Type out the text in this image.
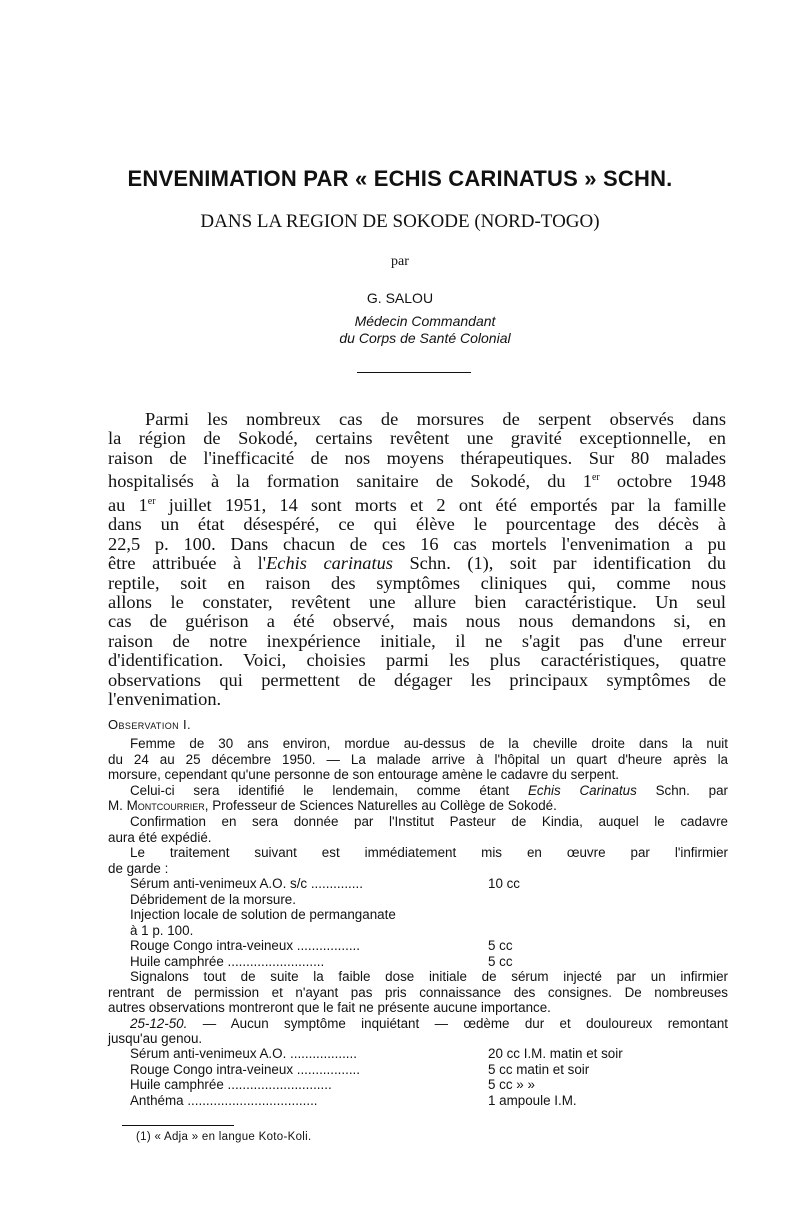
ENVENIMATION PAR « ECHIS CARINATUS » SCHN.
DANS LA REGION DE SOKODE (NORD-TOGO)
par
G. SALOU
Médecin Commandant
du Corps de Santé Colonial
Parmi les nombreux cas de morsures de serpent observés dans
la région de Sokodé, certains revêtent une gravité exceptionnelle, en
raison de l'inefficacité de nos moyens thérapeutiques. Sur 80 malades
hospitalisés à la formation sanitaire de Sokodé, du 1er octobre 1948
au 1er juillet 1951, 14 sont morts et 2 ont été emportés par la famille
dans un état désespéré, ce qui élève le pourcentage des décès à
22,5 p. 100. Dans chacun de ces 16 cas mortels l'envenimation a pu
être attribuée à l'Echis carinatus Schn. (1), soit par identification du
reptile, soit en raison des symptômes cliniques qui, comme nous
allons le constater, revêtent une allure bien caractéristique. Un seul
cas de guérison a été observé, mais nous nous demandons si, en
raison de notre inexpérience initiale, il ne s'agit pas d'une erreur
d'identification. Voici, choisies parmi les plus caractéristiques, quatre
observations qui permettent de dégager les principaux symptômes de
l'envenimation.
Observation I.
Femme de 30 ans environ, mordue au-dessus de la cheville droite dans la nuit
du 24 au 25 décembre 1950. — La malade arrive à l'hôpital un quart d'heure après la
morsure, cependant qu'une personne de son entourage amène le cadavre du serpent.
Celui-ci sera identifié le lendemain, comme étant Echis Carinatus Schn. par
M. Montcourrier, Professeur de Sciences Naturelles au Collège de Sokodé.
Confirmation en sera donnée par l'Institut Pasteur de Kindia, auquel le cadavre
aura été expédié.
Le traitement suivant est immédiatement mis en œuvre par l'infirmier
de garde :
Sérum anti-venimeux A.O. s/c ..............	10 cc
Débridement de la morsure.
Injection locale de solution de permanganate
à 1 p. 100.
Rouge Congo intra-veineux .................	5 cc
Huile camphrée ..........................	5 cc
Signalons tout de suite la faible dose initiale de sérum injecté par un infirmier
rentrant de permission et n'ayant pas pris connaissance des consignes. De nombreuses
autres observations montreront que le fait ne présente aucune importance.
25-12-50. — Aucun symptôme inquiétant — œdème dur et douloureux remontant
jusqu'au genou.
Sérum anti-venimeux A.O. ..................	20 cc I.M. matin et soir
Rouge Congo intra-veineux .................	5 cc matin et soir
Huile camphrée ............................	5 cc » »
Anthéma ...................................	1 ampoule I.M.
(1) « Adja » en langue Koto-Koli.
